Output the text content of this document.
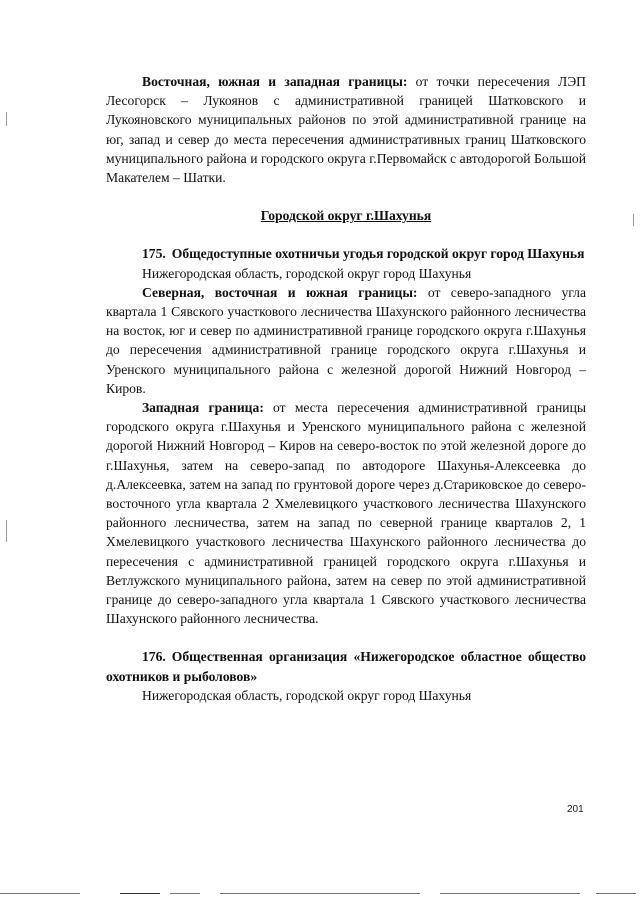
Восточная, южная и западная границы: от точки пересечения ЛЭП Лесогорск – Лукоянов с административной границей Шатковского и Лукояновского муниципальных районов по этой административной границе на юг, запад и север до места пересечения административных границ Шатковского муниципального района и городского округа г.Первомайск с автодорогой Большой Макателем – Шатки.

Городской округ г.Шахунья

175. Общедоступные охотничьи угодья городской округ город Шахунья

Нижегородская область, городской округ город Шахунья

Северная, восточная и южная границы: от северо-западного угла квартала 1 Сявского участкового лесничества Шахунского районного лесничества на восток, юг и север по административной границе городского округа г.Шахунья до пересечения административной границе городского округа г.Шахунья и Уренского муниципального района с железной дорогой Нижний Новгород – Киров.

Западная граница: от места пересечения административной границы городского округа г.Шахунья и Уренского муниципального района с железной дорогой Нижний Новгород – Киров на северо-восток по этой железной дороге до г.Шахунья, затем на северо-запад по автодороге Шахунья-Алексеевка до д.Алексеевка, затем на запад по грунтовой дороге через д.Стариковское до северо-восточного угла квартала 2 Хмелевицкого участкового лесничества Шахунского районного лесничества, затем на запад по северной границе кварталов 2, 1 Хмелевицкого участкового лесничества Шахунского районного лесничества до пересечения с административной границей городского округа г.Шахунья и Ветлужского муниципального района, затем на север по этой административной границе до северо-западного угла квартала 1 Сявского участкового лесничества Шахунского районного лесничества.

176. Общественная организация «Нижегородское областное общество охотников и рыболовов»

Нижегородская область, городской округ город Шахунья

201
